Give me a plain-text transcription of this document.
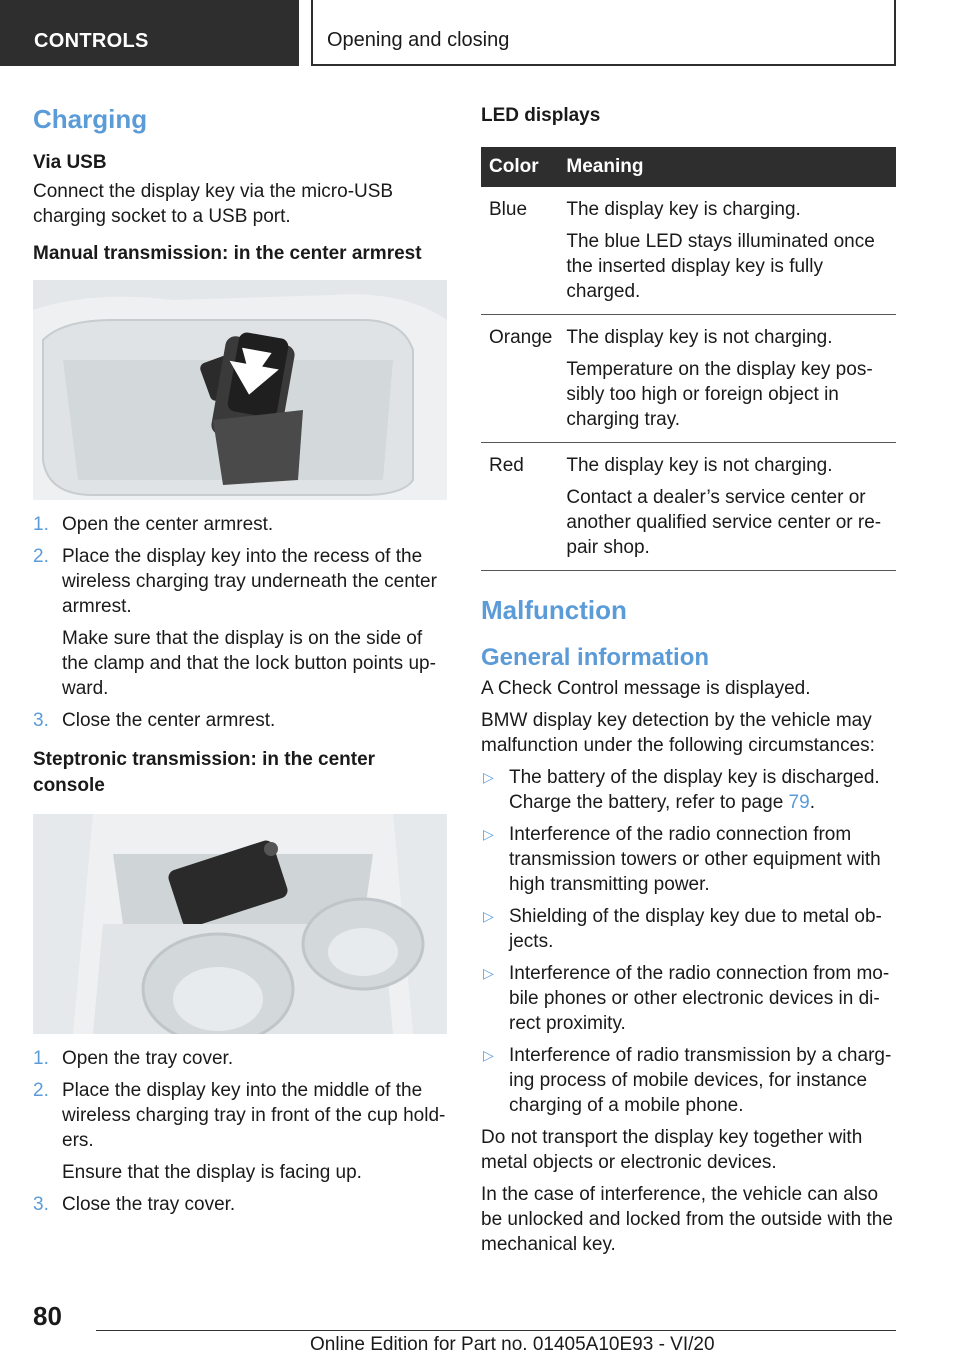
CONTROLS	Opening and closing
Charging
Via USB

Connect the display key via the micro-USB charging socket to a USB port.

Manual transmission: in the center armrest
1. Open the center armrest.
2. Place the display key into the recess of the wireless charging tray underneath the center armrest.
Make sure that the display is on the side of the clamp and that the lock button points up-ward.
3. Close the center armrest.
Steptronic transmission: in the center console
1. Open the tray cover.
2. Place the display key into the middle of the wireless charging tray in front of the cup hold-ers.
Ensure that the display is facing up.
3. Close the tray cover.
LED displays
Color	Meaning
Blue	The display key is charging.
The blue LED stays illuminated once the inserted display key is fully charged.

Orange	The display key is not charging.
Temperature on the display key pos-sibly too high or foreign object in charging tray.

Red	The display key is not charging.
Contact a dealer’s service center or another qualified service center or re-pair shop.
Malfunction
General information

A Check Control message is displayed.

BMW display key detection by the vehicle may malfunction under the following circumstances:

▷ The battery of the display key is discharged. Charge the battery, refer to page 79.
▷ Interference of the radio connection from transmission towers or other equipment with high transmitting power.
▷ Shielding of the display key due to metal ob-jects.
▷ Interference of the radio connection from mo-bile phones or other electronic devices in di-rect proximity.
▷ Interference of radio transmission by a charg-ing process of mobile devices, for instance charging of a mobile phone.

Do not transport the display key together with metal objects or electronic devices.

In the case of interference, the vehicle can also be unlocked and locked from the outside with the mechanical key.

80
Online Edition for Part no. 01405A10E93 - VI/20
